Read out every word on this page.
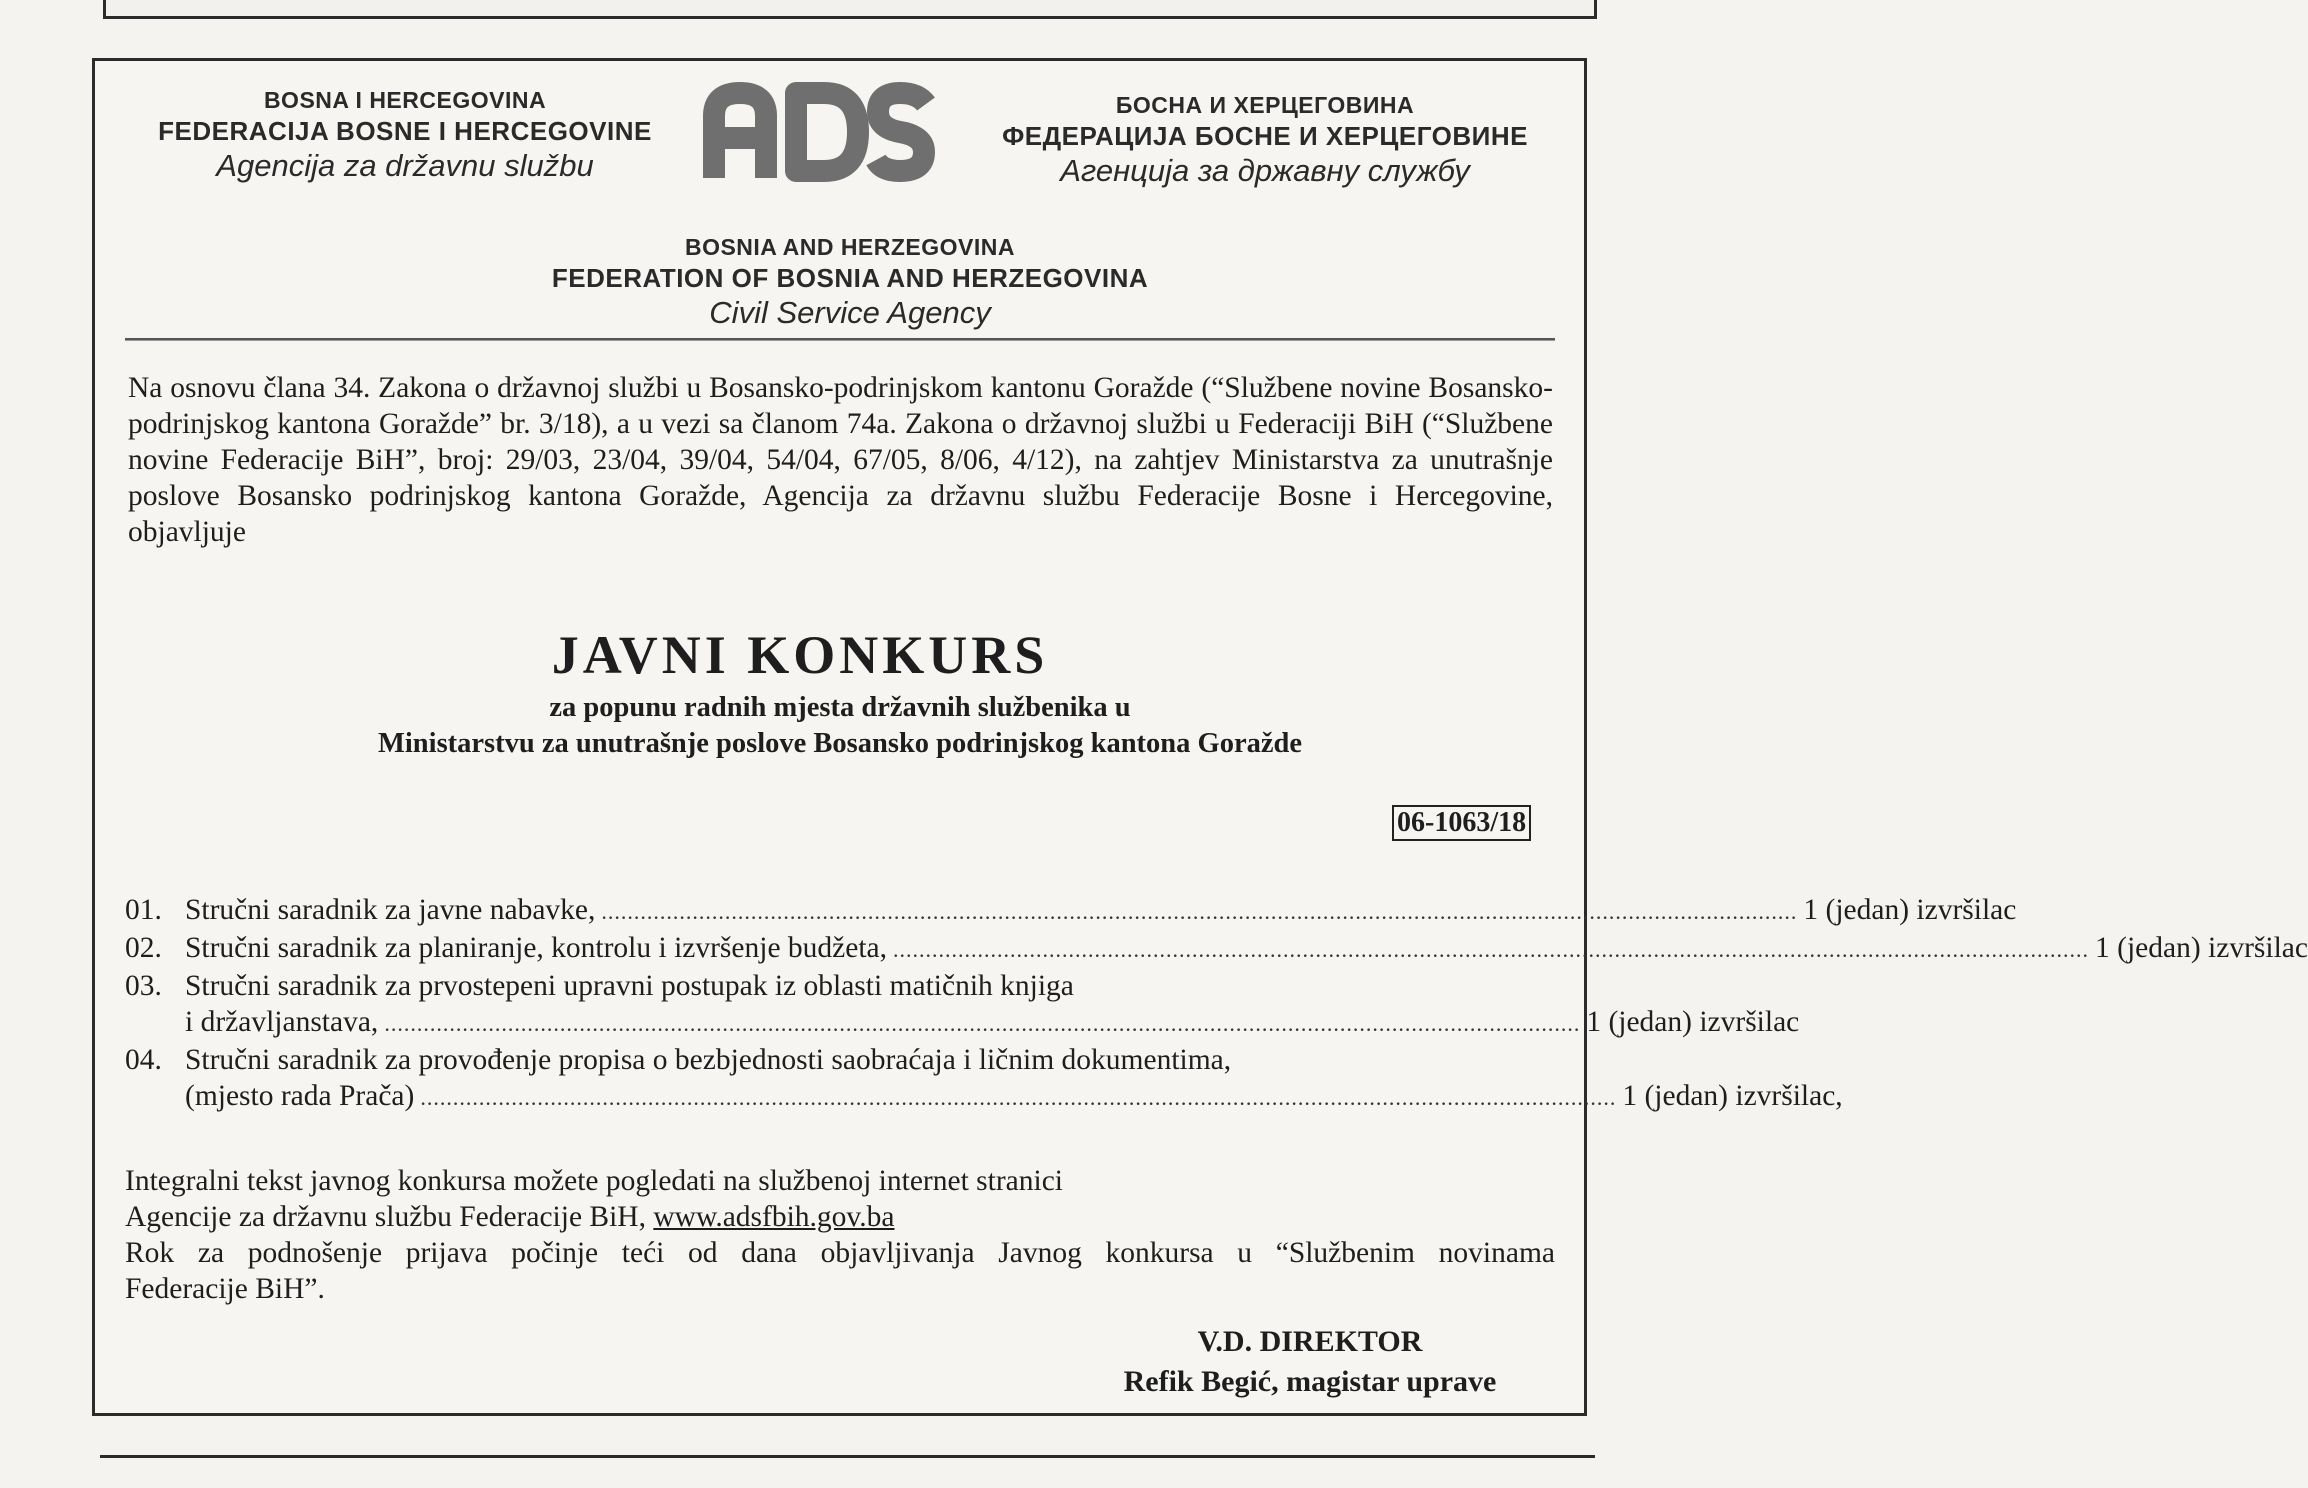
BOSNA I HERCEGOVINA
FEDERACIJA BOSNE I HERCEGOVINE
Agencija za državnu službu
ADS
БОСНА И ХЕРЦЕГОВИНА
ФЕДЕРАЦИЈА БОСНЕ И ХЕРЦЕГОВИНЕ
Агенција за државну службу
BOSNIA AND HERZEGOVINA
FEDERATION OF BOSNIA AND HERZEGOVINA
Civil Service Agency
Na osnovu člana 34. Zakona o državnoj službi u Bosansko-podrinjskom kantonu Goražde (“Službene novine Bosansko-podrinjskog kantona Goražde” br. 3/18), a u vezi sa članom 74a. Zakona o državnoj službi u Federaciji BiH (“Službene novine Federacije BiH”, broj: 29/03, 23/04, 39/04, 54/04, 67/05, 8/06, 4/12), na zahtjev Ministarstva za unutrašnje poslove Bosansko podrinjskog kantona Goražde, Agencija za državnu službu Federacije Bosne i Hercegovine, objavljuje
JAVNI KONKURS
za popunu radnih mjesta državnih službenika u
Ministarstvu za unutrašnje poslove Bosansko podrinjskog kantona Goražde
06-1063/18
01. Stručni saradnik za javne nabavke, ........................................................................................................................................................................................ 1 (jedan) izvršilac
02. Stručni saradnik za planiranje, kontrolu i izvršenje budžeta, ........................................................................................................................................................................................ 1 (jedan) izvršilac
03. Stručni saradnik za prvostepeni upravni postupak iz oblasti matičnih knjiga
i državljanstava, ........................................................................................................................................................................................ 1 (jedan) izvršilac
04. Stručni saradnik za provođenje propisa o bezbjednosti saobraćaja i ličnim dokumentima,
(mjesto rada Prača) ........................................................................................................................................................................................ 1 (jedan) izvršilac,
Integralni tekst javnog konkursa možete pogledati na službenoj internet stranici
Agencije za državnu službu Federacije BiH, www.adsfbih.gov.ba
Rok za podnošenje prijava počinje teći od dana objavljivanja Javnog konkursa u “Službenim novinama
Federacije BiH”.
V.D. DIREKTOR
Refik Begić, magistar uprave
